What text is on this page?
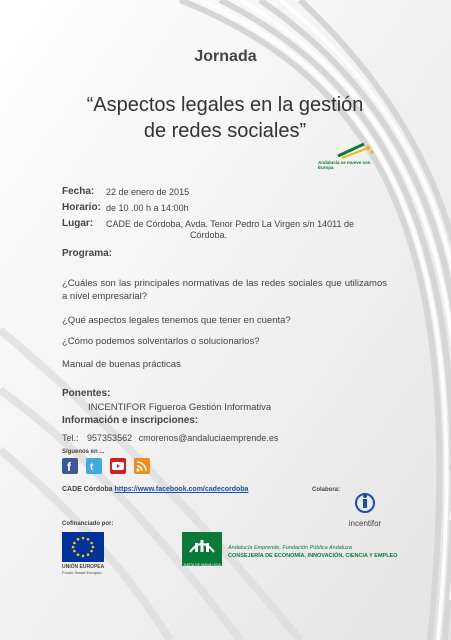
Jornada
“Aspectos legales en la gestión
de redes sociales”
Andalucía se mueve con Europa
Fecha: 22 de enero de 2015
Horario: de 10 .00 h a 14:00h
Lugar: CADE de Córdoba, Avda. Tenor Pedro La Virgen s/n 14011 de
Córdoba.
Programa:
¿Cuáles son las principales normativas de las redes sociales que utilizamos a nivel empresarial?
¿Qué aspectos legales tenemos que tener en cuenta?
¿Cómo podemos solventarlos o solucionarlos?
Manual de buenas prácticas
Ponentes:
INCENTIFOR Figueroa Gestión Informativa
Información e inscripciones:
Tel.: 957353562 cmorenos@andaluciaemprende.es
Síguenos en ...
f t
CADE Córdoba https://www.facebook.com/cadecordoba	Colabora:
incentifor
Cofinanciado por:
UNIÓN EUROPEA
Fondo Social Europeo
JUNTA DE ANDALUCIA
Andalucía Emprende, Fundación Pública Andaluza
CONSEJERÍA DE ECONOMÍA, INNOVACIÓN, CIENCIA Y EMPLEO
